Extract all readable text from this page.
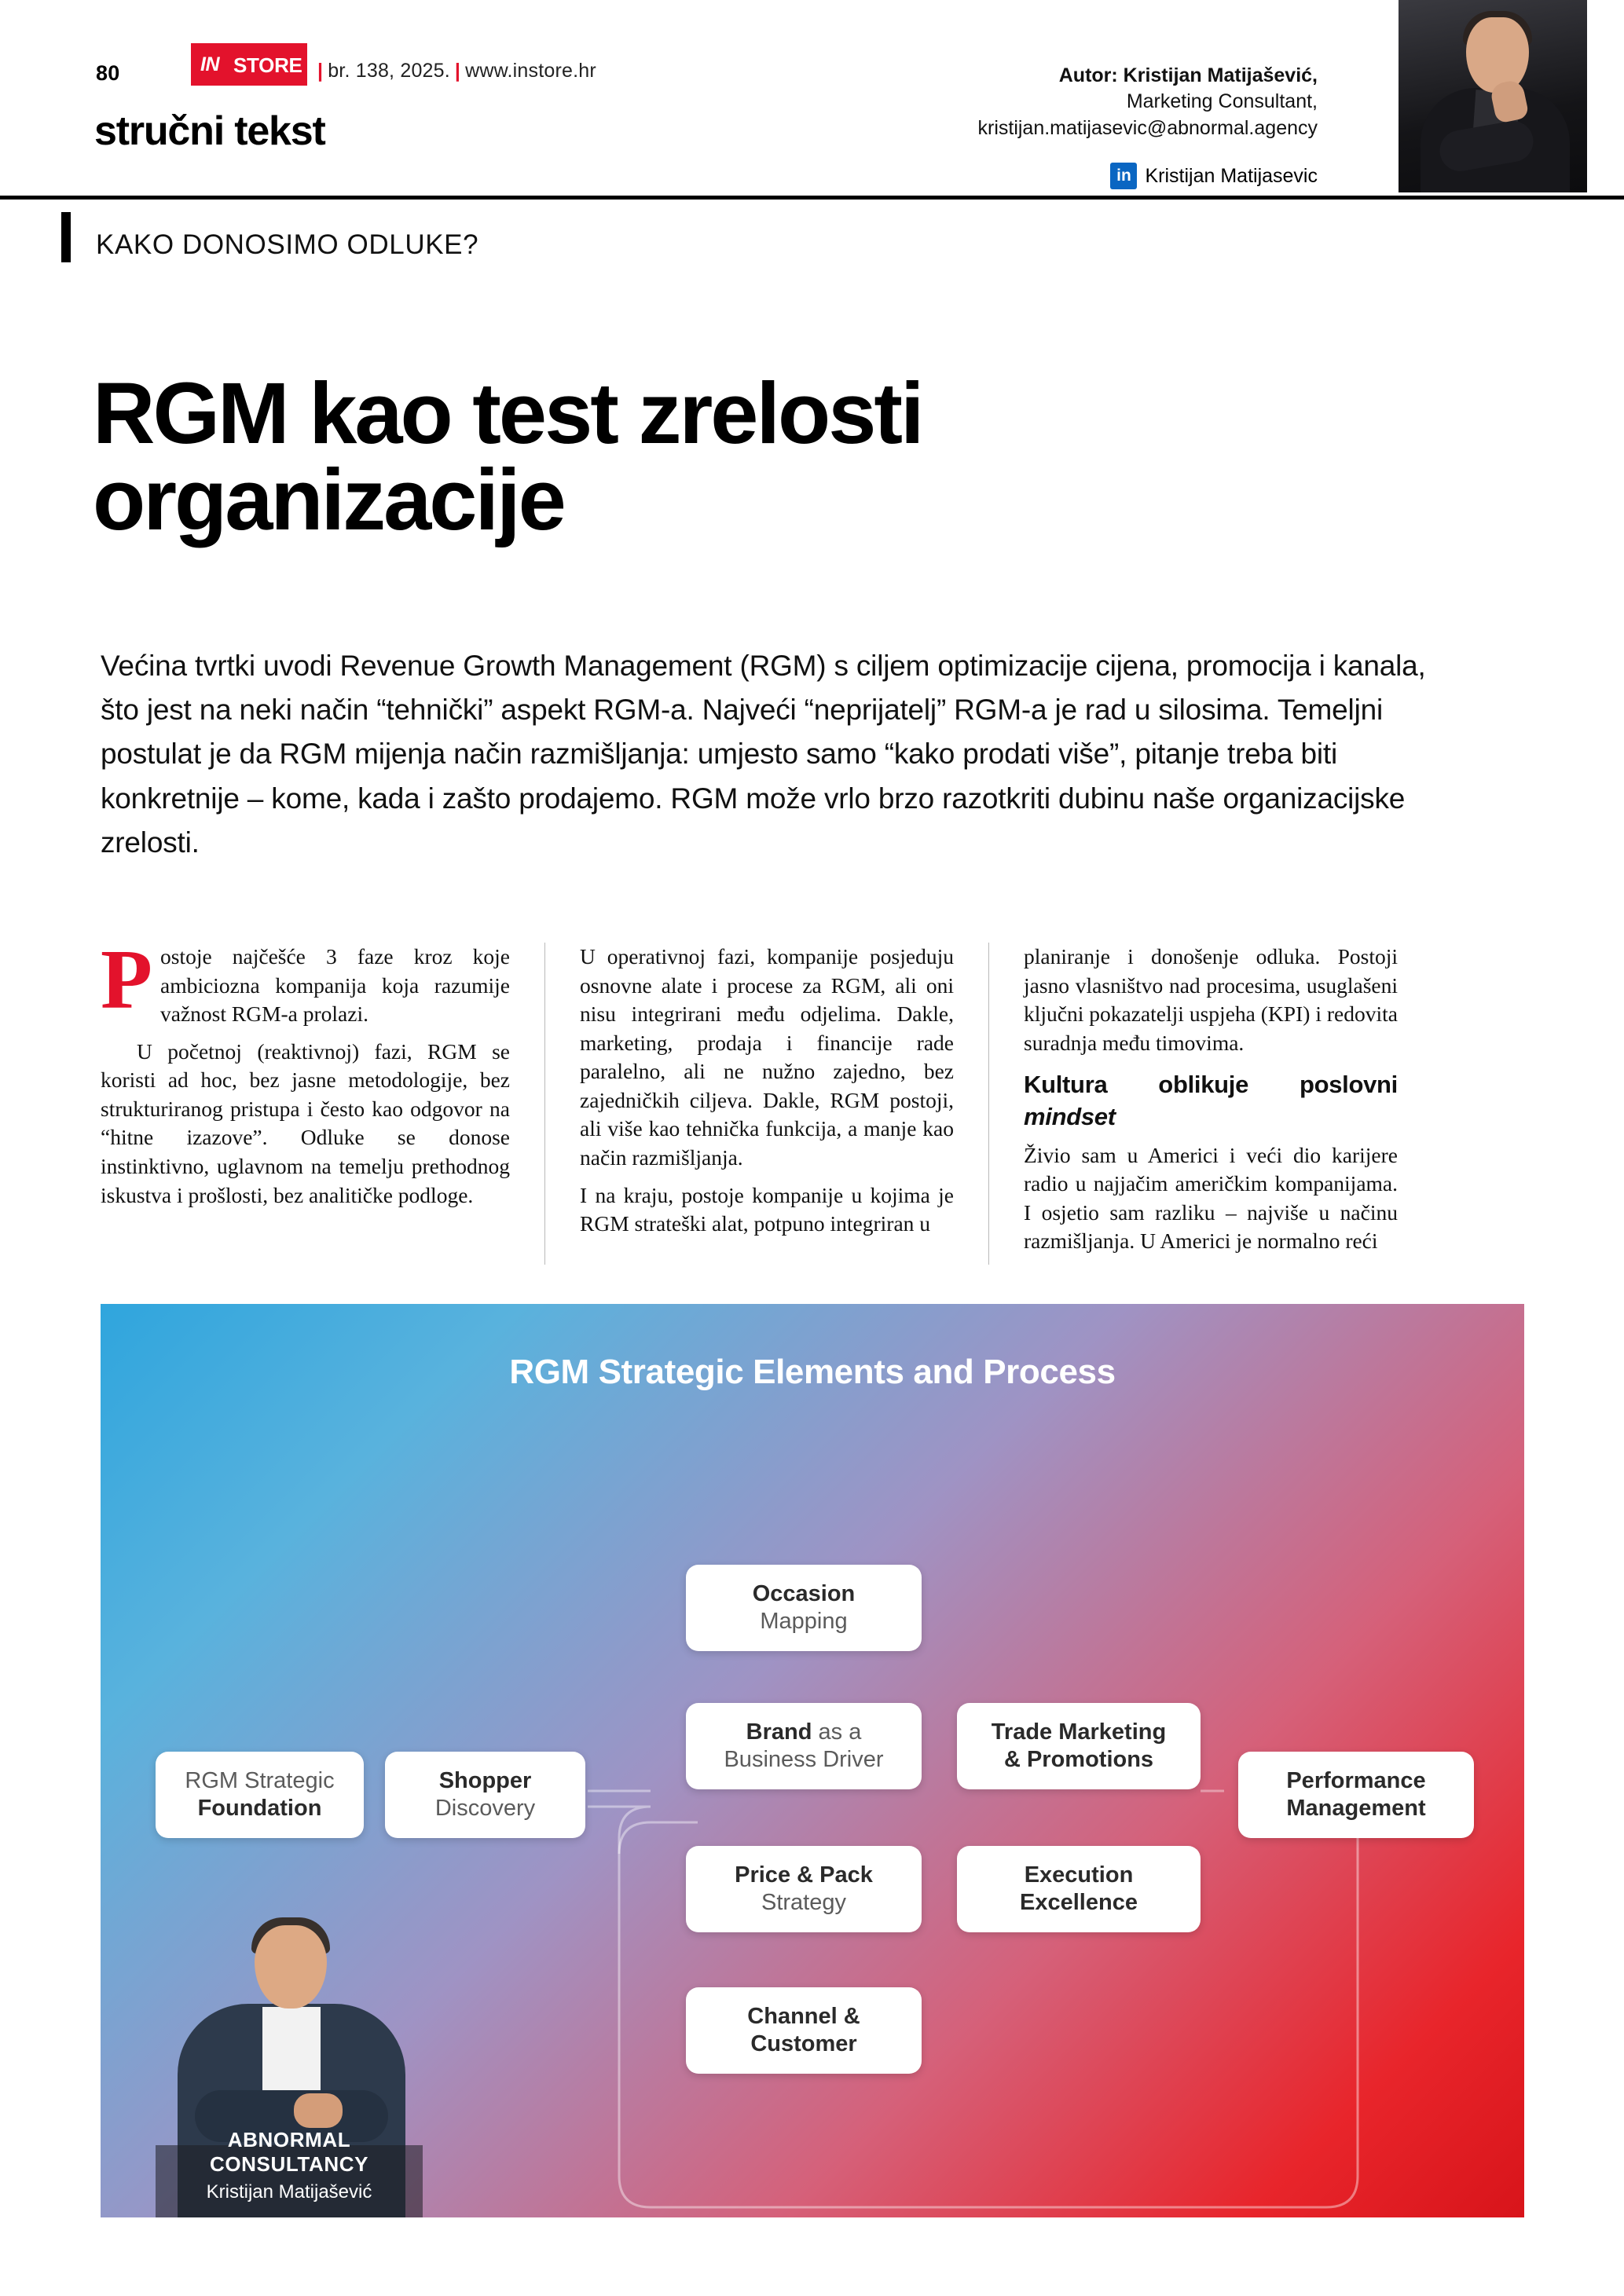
80	IN STORE | br. 138, 2025. | www.instore.hr
stručni tekst
Autor: Kristijan Matijašević,
Marketing Consultant,
kristijan.matijasevic@abnormal.agency
in Kristijan Matijasevic
KAKO DONOSIMO ODLUKE?
RGM kao test zrelosti organizacije
Većina tvrtki uvodi Revenue Growth Management (RGM) s ciljem optimizacije cijena, promocija i kanala, što jest na neki način “tehnički” aspekt RGM-a. Najveći “neprijatelj” RGM-a je rad u silosima. Temeljni postulat je da RGM mijenja način razmišljanja: umjesto samo “kako prodati više”, pitanje treba biti konkretnije – kome, kada i zašto prodajemo. RGM može vrlo brzo razotkriti dubinu naše organizacijske zrelosti.

Postoje najčešće 3 faze kroz koje ambiciozna kompanija koja razumije važnost RGM-a prolazi.

U početnoj (reaktivnoj) fazi, RGM se koristi ad hoc, bez jasne metodologije, bez strukturiranog pristupa i često kao odgovor na “hitne izazove”. Odluke se donose instinktivno, uglavnom na temelju prethodnog iskustva i prošlosti, bez analitičke podloge.

U operativnoj fazi, kompanije posjeduju osnovne alate i procese za RGM, ali oni nisu integrirani među odjelima. Dakle, marketing, prodaja i financije rade paralelno, ali ne nužno zajedno, bez zajedničkih ciljeva. Dakle, RGM postoji, ali više kao tehnička funkcija, a manje kao način razmišljanja.

I na kraju, postoje kompanije u kojima je RGM strateški alat, potpuno integriran u

planiranje i donošenje odluka. Postoji jasno vlasništvo nad procesima, usuglašeni ključni pokazatelji uspjeha (KPI) i redovita suradnja među timovima.

Kultura oblikuje poslovni mindset

Živio sam u Americi i veći dio karijere radio u najjačim američkim kompanijama. I osjetio sam razliku – najviše u načinu razmišljanja. U Americi je normalno reći

RGM Strategic Elements and Process
RGM Strategic
Foundation
Shopper
Discovery
Occasion
Mapping
Brand as a
Business Driver
Price & Pack
Strategy
Channel &
Customer
Trade Marketing
& Promotions
Execution
Excellence
Performance
Management
ABNORMAL CONSULTANCY
Kristijan Matijašević
